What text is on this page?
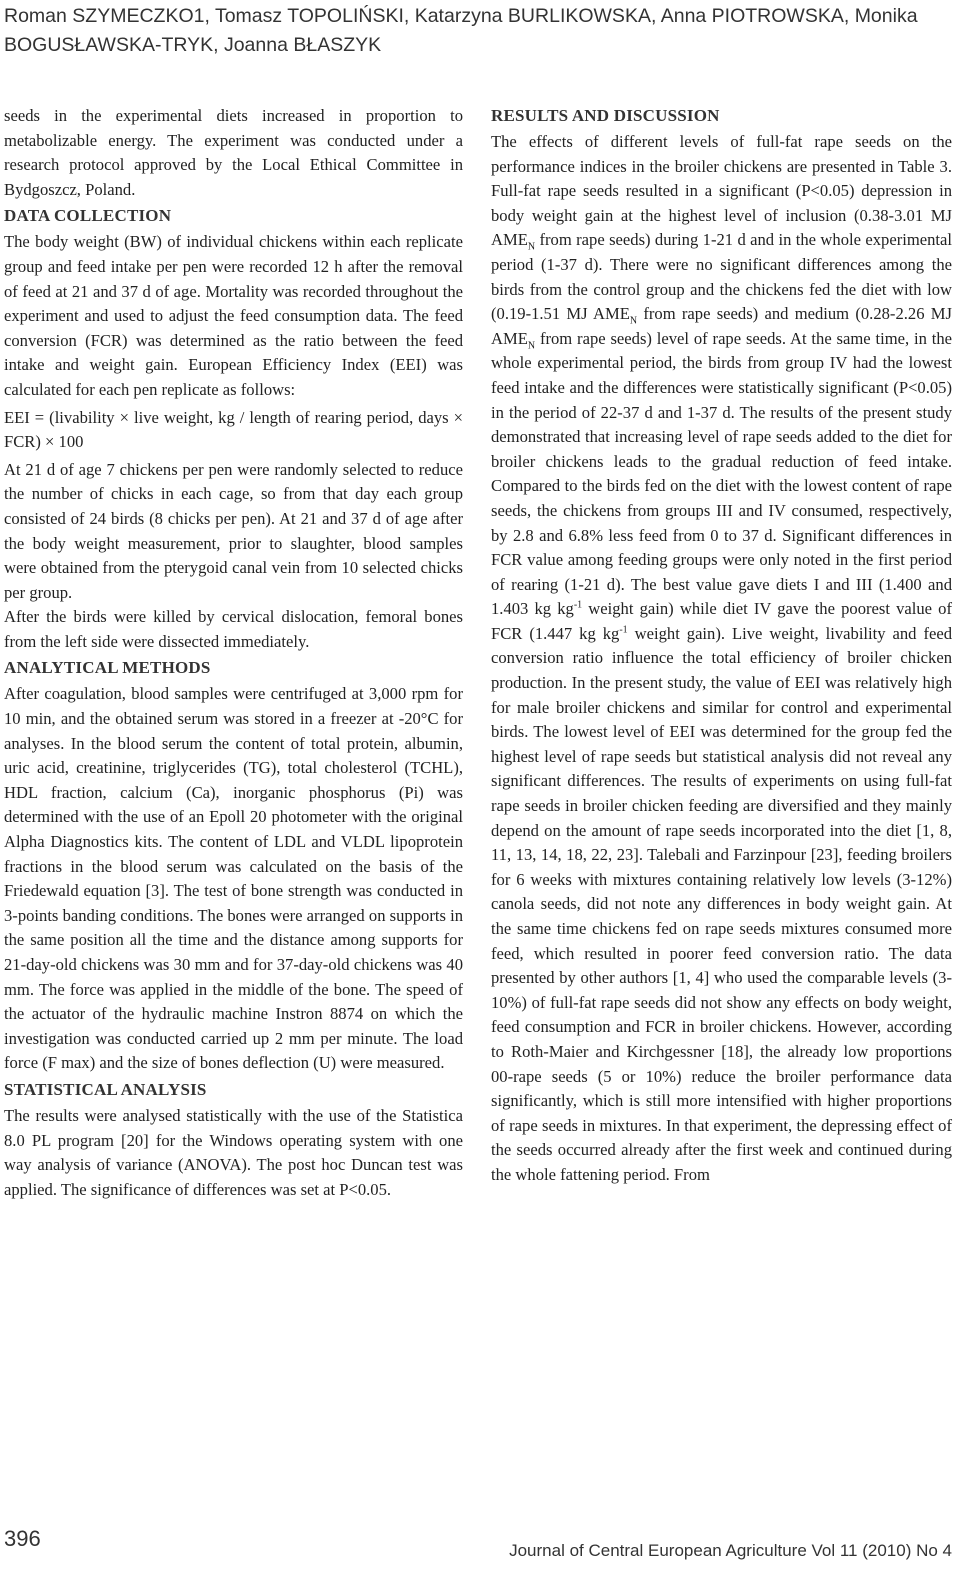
Roman SZYMECZKO1, Tomasz TOPOLIŃSKI, Katarzyna BURLIKOWSKA, Anna PIOTROWSKA, Monika BOGUSŁAWSKA-TRYK, Joanna BŁASZYK

seeds in the experimental diets increased in proportion to metabolizable energy. The experiment was conducted under a research protocol approved by the Local Ethical Committee in Bydgoszcz, Poland.

DATA COLLECTION

The body weight (BW) of individual chickens within each replicate group and feed intake per pen were recorded 12 h after the removal of feed at 21 and 37 d of age. Mortality was recorded throughout the experiment and used to adjust the feed consumption data. The feed conversion (FCR) was determined as the ratio between the feed intake and weight gain. European Efficiency Index (EEI) was calculated for each pen replicate as follows:

EEI = (livability × live weight, kg / length of rearing period, days × FCR) × 100

At 21 d of age 7 chickens per pen were randomly selected to reduce the number of chicks in each cage, so from that day each group consisted of 24 birds (8 chicks per pen). At 21 and 37 d of age after the body weight measurement, prior to slaughter, blood samples were obtained from the pterygoid canal vein from 10 selected chicks per group.

After the birds were killed by cervical dislocation, femoral bones from the left side were dissected immediately.

ANALYTICAL METHODS

After coagulation, blood samples were centrifuged at 3,000 rpm for 10 min, and the obtained serum was stored in a freezer at -20°C for analyses. In the blood serum the content of total protein, albumin, uric acid, creatinine, triglycerides (TG), total cholesterol (TCHL), HDL fraction, calcium (Ca), inorganic phosphorus (Pi) was determined with the use of an Epoll 20 photometer with the original Alpha Diagnostics kits. The content of LDL and VLDL lipoprotein fractions in the blood serum was calculated on the basis of the Friedewald equation [3]. The test of bone strength was conducted in 3-points banding conditions. The bones were arranged on supports in the same position all the time and the distance among supports for 21-day-old chickens was 30 mm and for 37-day-old chickens was 40 mm. The force was applied in the middle of the bone. The speed of the actuator of the hydraulic machine Instron 8874 on which the investigation was conducted carried up 2 mm per minute. The load force (F max) and the size of bones deflection (U) were measured.

STATISTICAL ANALYSIS

The results were analysed statistically with the use of the Statistica 8.0 PL program [20] for the Windows operating system with one way analysis of variance (ANOVA). The post hoc Duncan test was applied. The significance of differences was set at P<0.05.

RESULTS AND DISCUSSION

The effects of different levels of full-fat rape seeds on the performance indices in the broiler chickens are presented in Table 3. Full-fat rape seeds resulted in a significant (P<0.05) depression in body weight gain at the highest level of inclusion (0.38-3.01 MJ $AME_N$ from rape seeds) during 1-21 d and in the whole experimental period (1-37 d). There were no significant differences among the birds from the control group and the chickens fed the diet with low (0.19-1.51 MJ $AME_N$ from rape seeds) and medium (0.28-2.26 MJ $AME_N$ from rape seeds) level of rape seeds. At the same time, in the whole experimental period, the birds from group IV had the lowest feed intake and the differences were statistically significant (P<0.05) in the period of 22-37 d and 1-37 d. The results of the present study demonstrated that increasing level of rape seeds added to the diet for broiler chickens leads to the gradual reduction of feed intake. Compared to the birds fed on the diet with the lowest content of rape seeds, the chickens from groups III and IV consumed, respectively, by 2.8 and 6.8% less feed from 0 to 37 d. Significant differences in FCR value among feeding groups were only noted in the first period of rearing (1-21 d). The best value gave diets I and III (1.400 and 1.403 kg $kg^{-1}$ weight gain) while diet IV gave the poorest value of FCR (1.447 kg $kg^{-1}$ weight gain). Live weight, livability and feed conversion ratio influence the total efficiency of broiler chicken production. In the present study, the value of EEI was relatively high for male broiler chickens and similar for control and experimental birds. The lowest level of EEI was determined for the group fed the highest level of rape seeds but statistical analysis did not reveal any significant differences. The results of experiments on using full-fat rape seeds in broiler chicken feeding are diversified and they mainly depend on the amount of rape seeds incorporated into the diet [1, 8, 11, 13, 14, 18, 22, 23]. Talebali and Farzinpour [23], feeding broilers for 6 weeks with mixtures containing relatively low levels (3-12%) canola seeds, did not note any differences in body weight gain. At the same time chickens fed on rape seeds mixtures consumed more feed, which resulted in poorer feed conversion ratio. The data presented by other authors [1, 4] who used the comparable levels (3-10%) of full-fat rape seeds did not show any effects on body weight, feed consumption and FCR in broiler chickens. However, according to Roth-Maier and Kirchgessner [18], the already low proportions 00-rape seeds (5 or 10%) reduce the broiler performance data significantly, which is still more intensified with higher proportions of rape seeds in mixtures. In that experiment, the depressing effect of the seeds occurred already after the first week and continued during the whole fattening period. From

396	Journal of Central European Agriculture Vol 11 (2010) No 4
